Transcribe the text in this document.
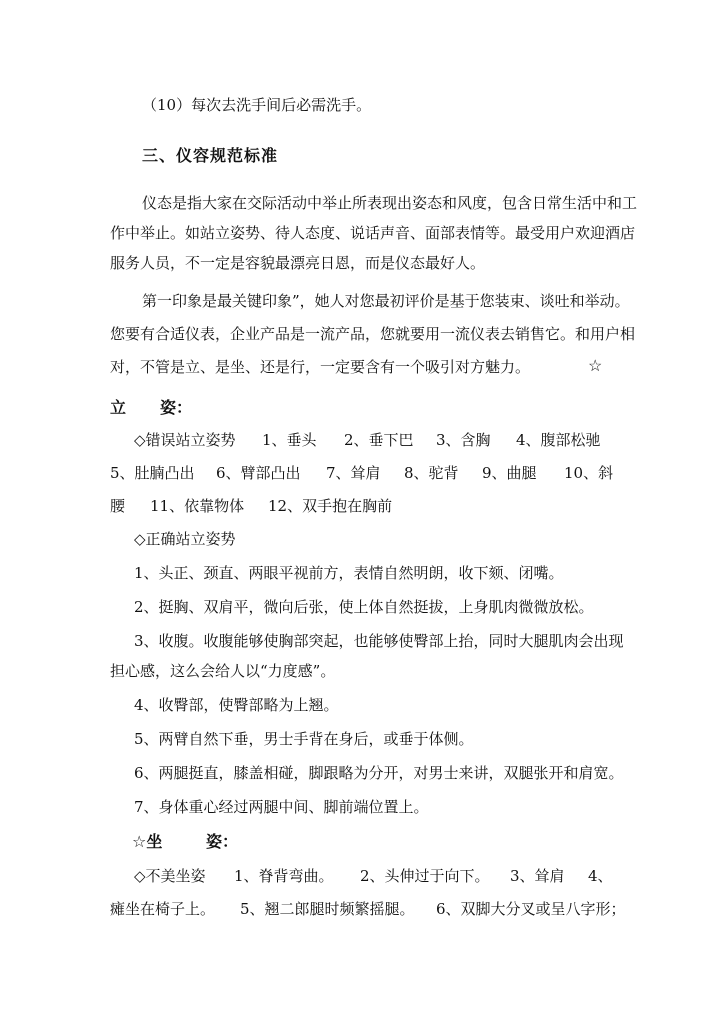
（10）每次去洗手间后必需洗手。
三、仪容规范标准
仪态是指大家在交际活动中举止所表现出姿态和风度，包含日常生活中和工
作中举止。如站立姿势、待人态度、说话声音、面部表情等。最受用户欢迎酒店
服务人员，不一定是容貌最漂亮日恩，而是仪态最好人。
第一印象是最关键印象”，她人对您最初评价是基于您装束、谈吐和举动。
您要有合适仪表，企业产品是一流产品，您就要用一流仪表去销售它。和用户相
对，不管是立、是坐、还是行，一定要含有一个吸引对方魅力。	☆
立 姿：
◇错误站立姿势 1、垂头 2、垂下巴 3、含胸 4、腹部松驰
5、肚腩凸出 6、臂部凸出 7、耸肩 8、驼背 9、曲腿 10、斜
腰 11、依靠物体 12、双手抱在胸前
◇正确站立姿势
1、头正、颈直、两眼平视前方，表情自然明朗，收下颏、闭嘴。
2、挺胸、双肩平，微向后张，使上体自然挺拔，上身肌肉微微放松。
3、收腹。收腹能够使胸部突起，也能够使臀部上抬，同时大腿肌肉会出现
担心感，这么会给人以“力度感”。
4、收臀部，使臀部略为上翘。
5、两臂自然下垂，男士手背在身后，或垂于体侧。
6、两腿挺直，膝盖相碰，脚跟略为分开，对男士来讲，双腿张开和肩宽。
7、身体重心经过两腿中间、脚前端位置上。
☆坐	姿：
◇不美坐姿 1、脊背弯曲。 2、头伸过于向下。 3、耸肩 4、
瘫坐在椅子上。 5、翘二郎腿时频繁摇腿。 6、双脚大分叉或呈八字形；
